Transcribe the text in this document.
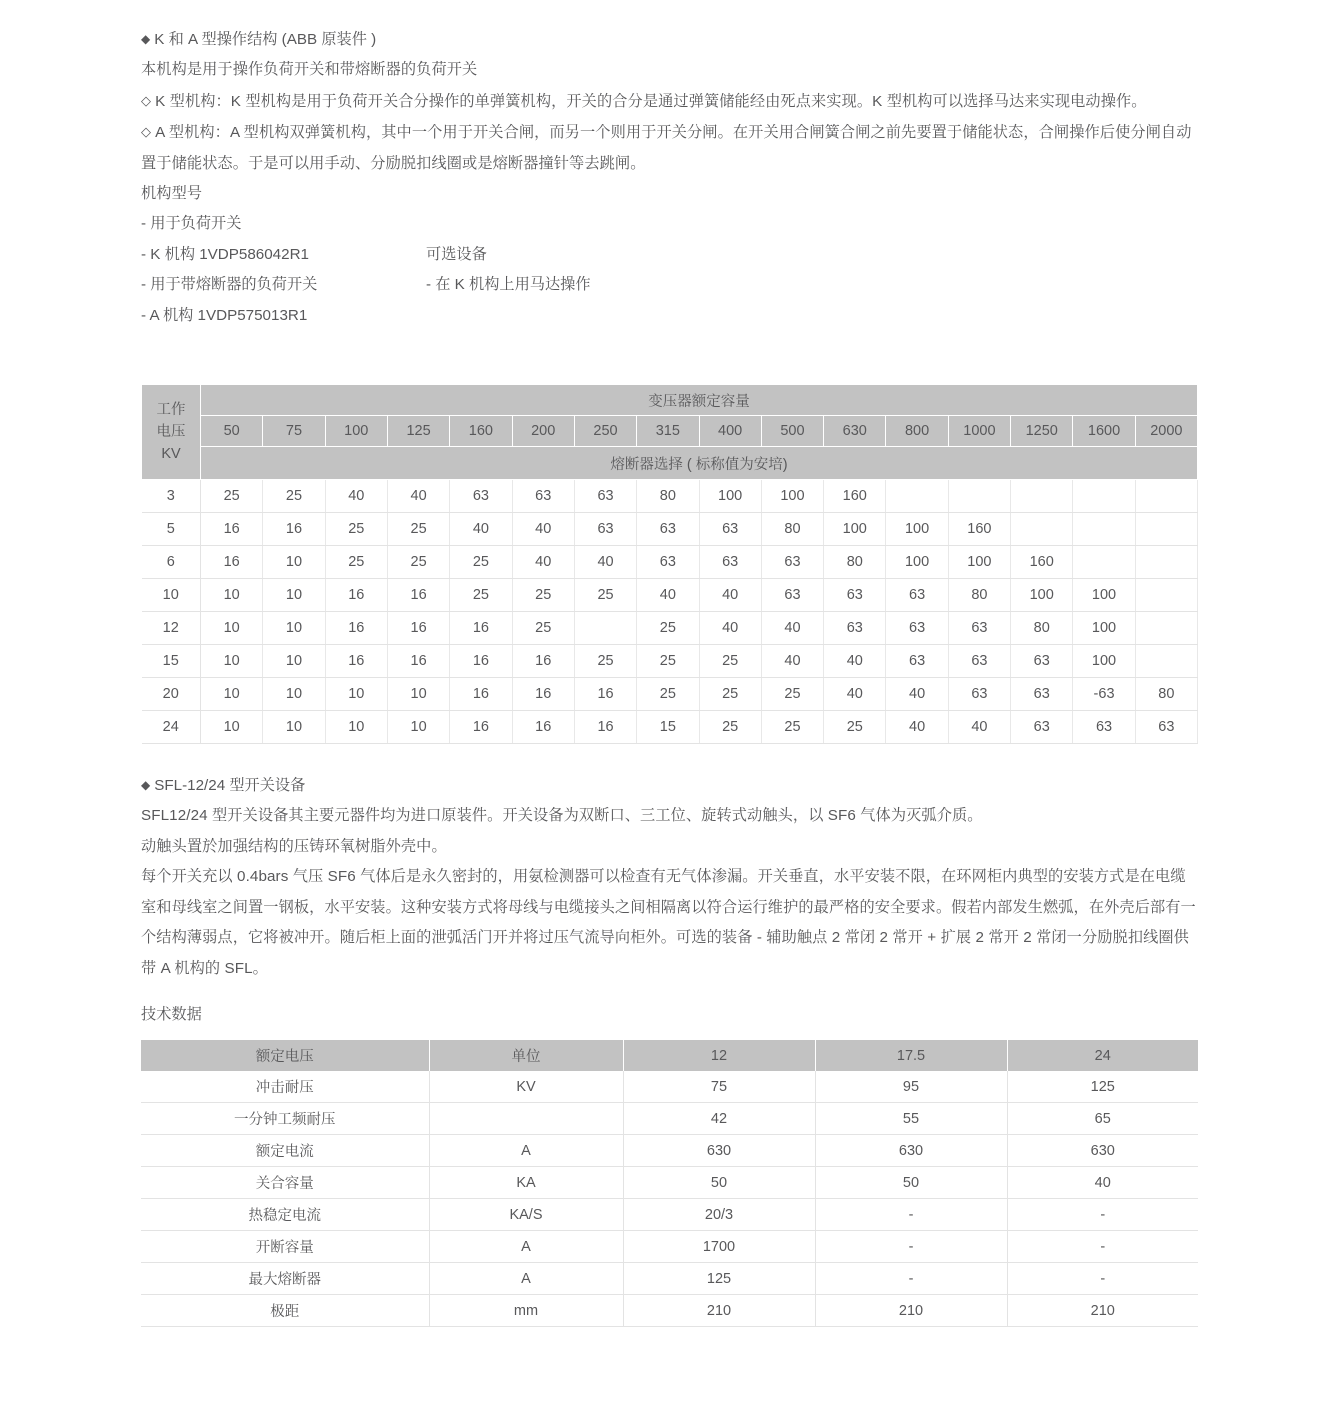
◆ K 和 A 型操作结构 (ABB 原装件 )

本机构是用于操作负荷开关和带熔断器的负荷开关

◇ K 型机构：K 型机构是用于负荷开关合分操作的单弹簧机构，开关的合分是通过弹簧储能经由死点来实现。K 型机构可以选择马达来实现电动操作。

◇ A 型机构：A 型机构双弹簧机构，其中一个用于开关合闸，而另一个则用于开关分闸。在开关用合闸簧合闸之前先要置于储能状态，合闸操作后使分闸自动置于储能状态。于是可以用手动、分励脱扣线圈或是熔断器撞针等去跳闸。

机构型号

- 用于负荷开关
- K 机构 1VDP586042R1	可选设备
- 用于带熔断器的负荷开关	- 在 K 机构上用马达操作
- A 机构 1VDP575013R1
工作
电压
KV	变压器额定容量															
	50	75	100	125	160	200	250	315	400	500	630	800	1000	1250	1600	2000
	熔断器选择 ( 标称值为安培)															
3	25	25	40	40	63	63	63	80	100	100	160					
5	16	16	25	25	40	40	63	63	63	80	100	100	160			
6	16	10	25	25	25	40	40	63	63	63	80	100	100	160		
10	10	10	16	16	25	25	25	40	40	63	63	63	80	100	100	
12	10	10	16	16	16	25		25	40	40	63	63	63	80	100	
15	10	10	16	16	16	16	25	25	25	40	40	63	63	63	100	
20	10	10	10	10	16	16	16	25	25	25	40	40	63	63	-63	80
24	10	10	10	10	16	16	16	15	25	25	25	40	40	63	63	63

◆ SFL-12/24 型开关设备

SFL12/24 型开关设备其主要元器件均为进口原装件。开关设备为双断口、三工位、旋转式动触头，以 SF6 气体为灭弧介质。

动触头置於加强结构的压铸环氧树脂外壳中。

每个开关充以 0.4bars 气压 SF6 气体后是永久密封的，用氨检测器可以检查有无气体渗漏。开关垂直，水平安装不限，在环网柜内典型的安装方式是在电缆室和母线室之间置一钢板，水平安装。这种安装方式将母线与电缆接头之间相隔离以符合运行维护的最严格的安全要求。假若内部发生燃弧，在外壳后部有一个结构薄弱点，它将被冲开。随后柜上面的泄弧活门开并将过压气流导向柜外。可选的装备 - 辅助触点 2 常闭 2 常开 + 扩展 2 常开 2 常闭一分励脱扣线圈供带 A 机构的 SFL。

技术数据

额定电压	单位	12	17.5	24
冲击耐压	KV	75	95	125
一分钟工频耐压		42	55	65
额定电流	A	630	630	630
关合容量	KA	50	50	40
热稳定电流	KA/S	20/3	-	-
开断容量	A	1700	-	-
最大熔断器	A	125	-	-
极距	mm	210	210	210
